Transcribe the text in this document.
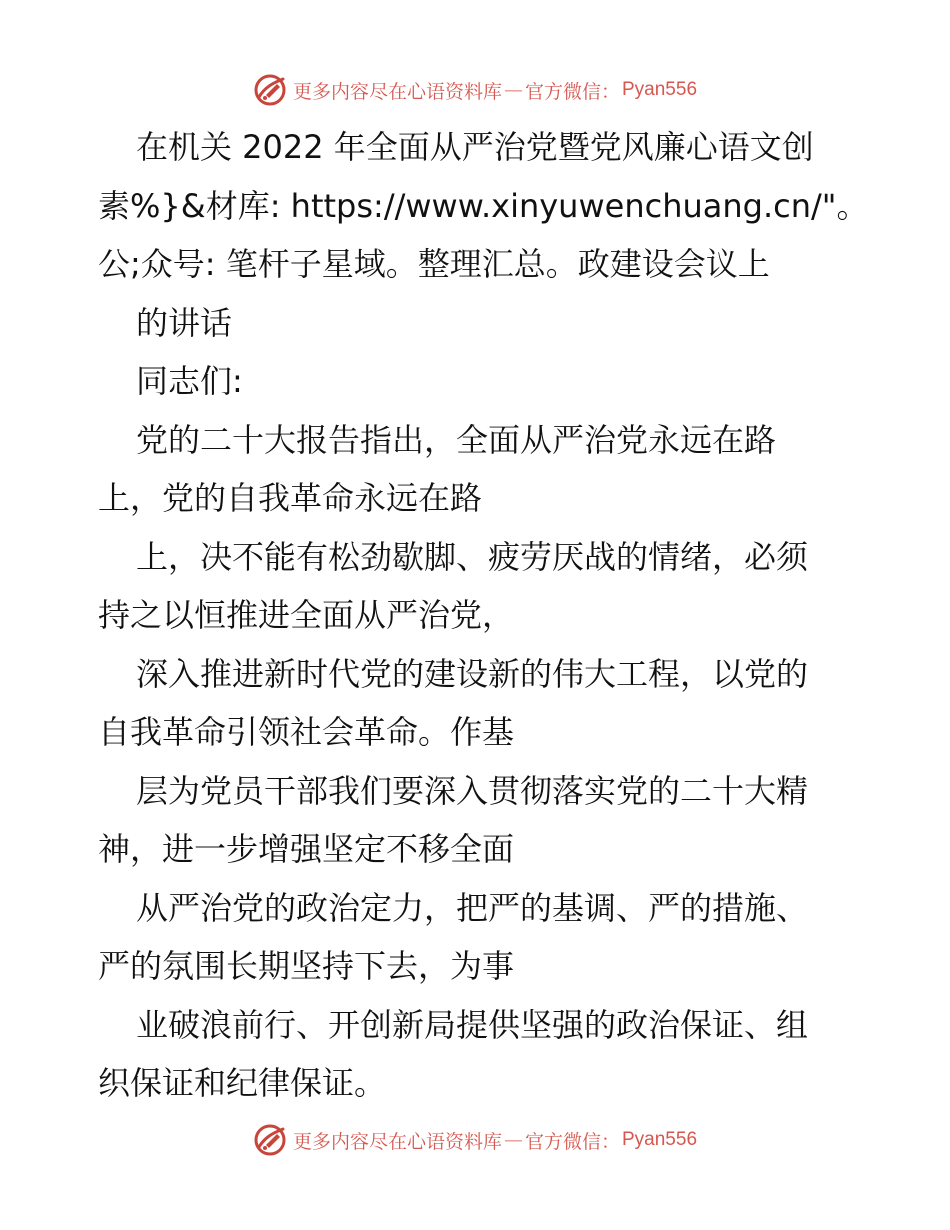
更多内容尽在心语资料库 — 官方微信： Pyan556
在机关 2022 年全面从严治党暨党风廉心语文创
素%}&材库: https://www.xinyuwenchuang.cn/"。
公;众号: 笔杆子星域。整理汇总。政建设会议上
的讲话
同志们:
党的二十大报告指出，全面从严治党永远在路
上，党的自我革命永远在路
上，决不能有松劲歇脚、疲劳厌战的情绪，必须
持之以恒推进全面从严治党，
深入推进新时代党的建设新的伟大工程，以党的
自我革命引领社会革命。作基
层为党员干部我们要深入贯彻落实党的二十大精
神，进一步增强坚定不移全面
从严治党的政治定力，把严的基调、严的措施、
严的氛围长期坚持下去，为事
业破浪前行、开创新局提供坚强的政治保证、组
织保证和纪律保证。
更多内容尽在心语资料库 — 官方微信： Pyan556
